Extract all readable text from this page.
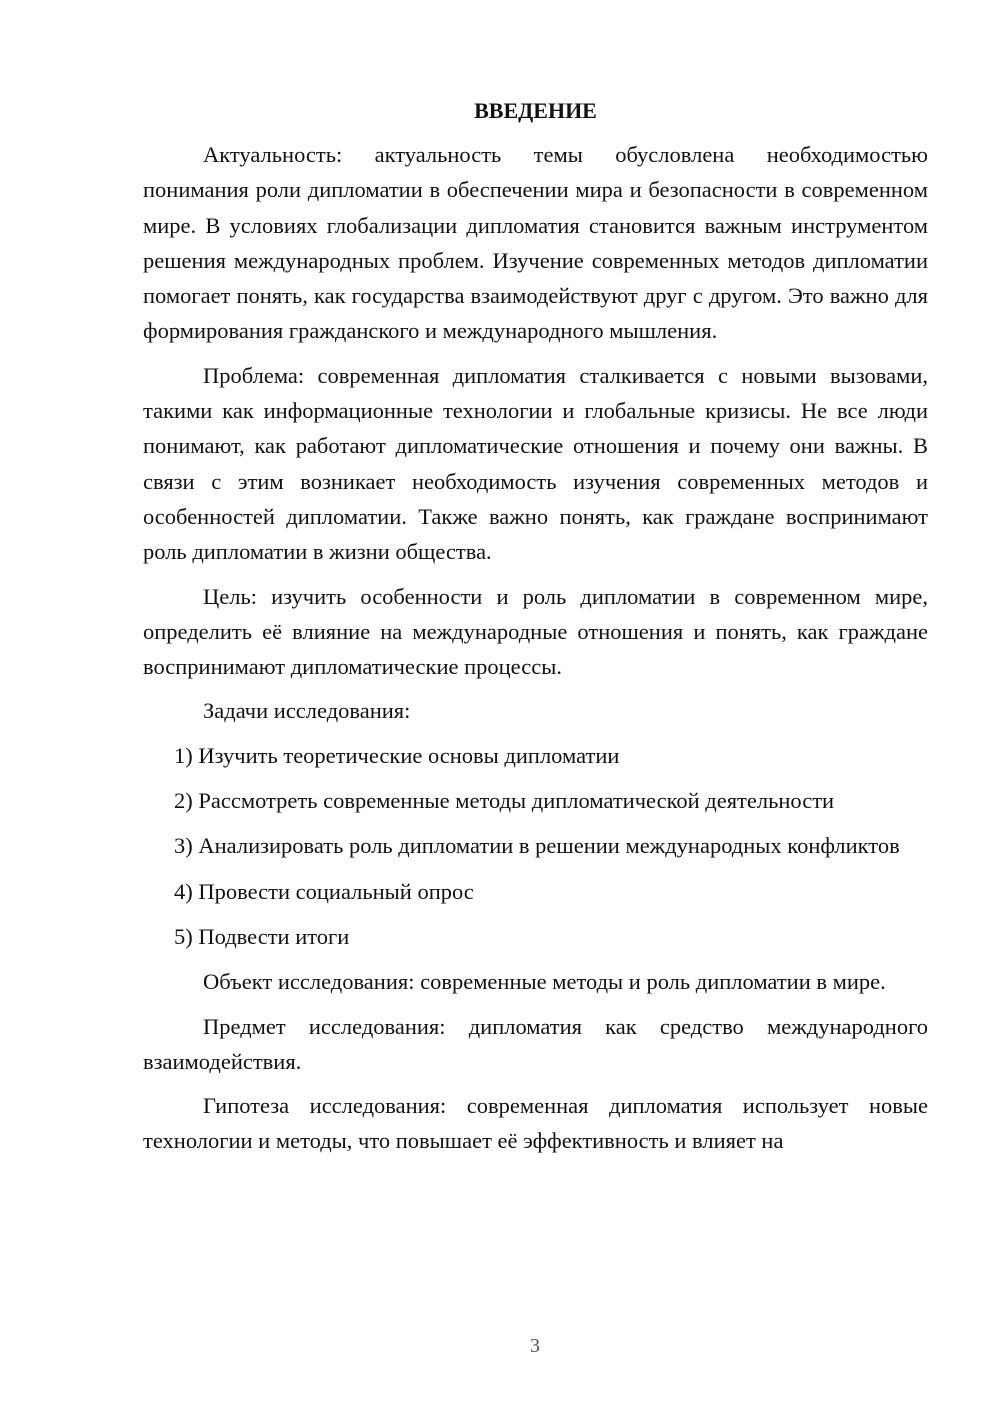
ВВЕДЕНИЕ

Актуальность: актуальность темы обусловлена необходимостью понимания роли дипломатии в обеспечении мира и безопасности в современном мире. В условиях глобализации дипломатия становится важным инструментом решения международных проблем. Изучение современных методов дипломатии помогает понять, как государства взаимодействуют друг с другом. Это важно для формирования гражданского и международного мышления.

Проблема: современная дипломатия сталкивается с новыми вызовами, такими как информационные технологии и глобальные кризисы. Не все люди понимают, как работают дипломатические отношения и почему они важны. В связи с этим возникает необходимость изучения современных методов и особенностей дипломатии. Также важно понять, как граждане воспринимают роль дипломатии в жизни общества.

Цель: изучить особенности и роль дипломатии в современном мире, определить её влияние на международные отношения и понять, как граждане воспринимают дипломатические процессы.

Задачи исследования:

1) Изучить теоретические основы дипломатии

2) Рассмотреть современные методы дипломатической деятельности

3) Анализировать роль дипломатии в решении международных конфликтов

4) Провести социальный опрос

5) Подвести итоги

Объект исследования: современные методы и роль дипломатии в мире.

Предмет исследования: дипломатия как средство международного взаимодействия.

Гипотеза исследования: современная дипломатия использует новые технологии и методы, что повышает её эффективность и влияет на

3
